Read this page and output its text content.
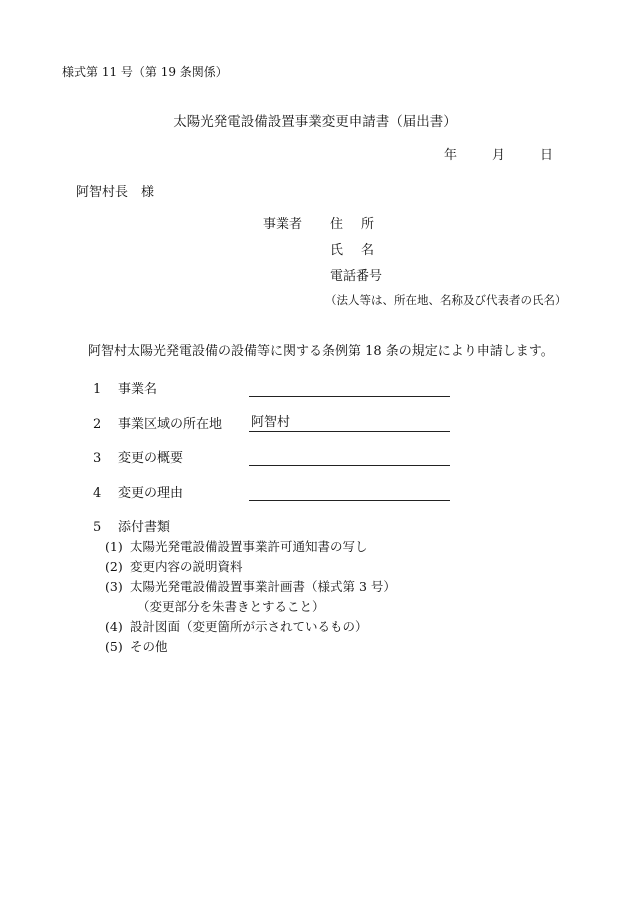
様式第 11 号（第 19 条関係）
太陽光発電設備設置事業変更申請書（届出書）
年	月	日
阿智村長　様
事業者 住所
氏名
電話番号
（法人等は、所在地、名称及び代表者の氏名）
阿智村太陽光発電設備の設備等に関する条例第 18 条の規定により申請します。
1 事業名
2 事業区域の所在地 阿智村
3 変更の概要
4 変更の理由
5 添付書類
(1) 太陽光発電設備設置事業許可通知書の写し
(2) 変更内容の説明資料
(3) 太陽光発電設備設置事業計画書（様式第 3 号）
（変更部分を朱書きとすること）
(4) 設計図面（変更箇所が示されているもの）
(5) その他
